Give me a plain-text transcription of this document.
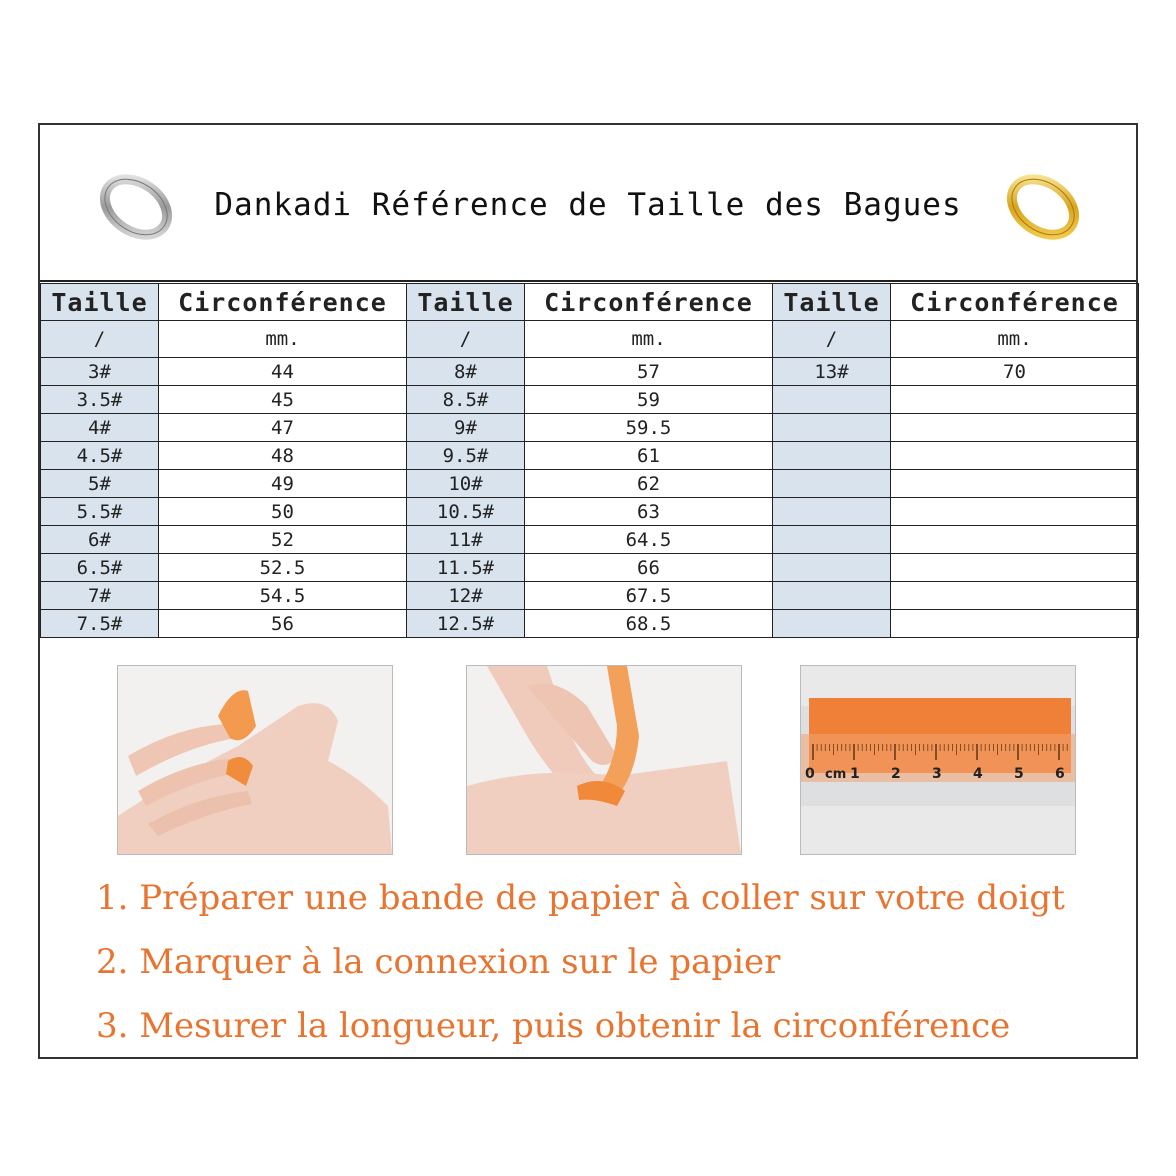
Dankadi Référence de Taille des Bagues
Taille	Circonférence	Taille	Circonférence	Taille	Circonférence
/	mm.	/	mm.	/	mm.
3#	44	8#	57	13#	70
3.5#	45	8.5#	59		
4#	47	9#	59.5		
4.5#	48	9.5#	61		
5#	49	10#	62		
5.5#	50	10.5#	63		
6#	52	11#	64.5		
6.5#	52.5	11.5#	66		
7#	54.5	12#	67.5		
7.5#	56	12.5#	68.5		
0	1 2 3 4 5 6
cm

1. Préparer une bande de papier à coller sur votre doigt

2. Marquer à la connexion sur le papier

3. Mesurer la longueur, puis obtenir la circonférence
